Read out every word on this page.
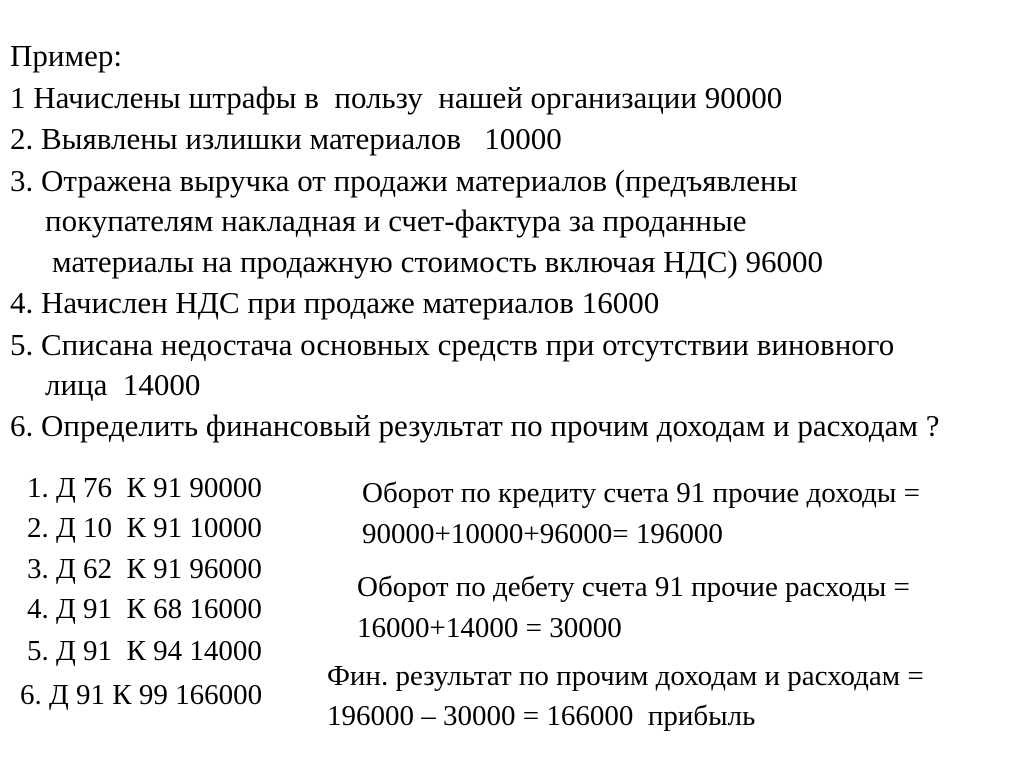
Пример:
1 Начислены штрафы в  пользу  нашей организации 90000
2. Выявлены излишки материалов   10000
3. Отражена выручка от продажи материалов (предъявлены
покупателям накладная и счет-фактура за проданные
материалы на продажную стоимость включая НДС) 96000
4. Начислен НДС при продаже материалов 16000
5. Списана недостача основных средств при отсутствии виновного
лица  14000
6. Определить финансовый результат по прочим доходам и расходам ?
1. Д 76  К 91 90000
2. Д 10  К 91 10000
3. Д 62  К 91 96000
4. Д 91  К 68 16000
5. Д 91  К 94 14000
6. Д 91 К 99 166000
Оборот по кредиту счета 91 прочие доходы =
90000+10000+96000= 196000
Оборот по дебету счета 91 прочие расходы =
16000+14000 = 30000
Фин. результат по прочим доходам и расходам =
196000 – 30000 = 166000  прибыль
